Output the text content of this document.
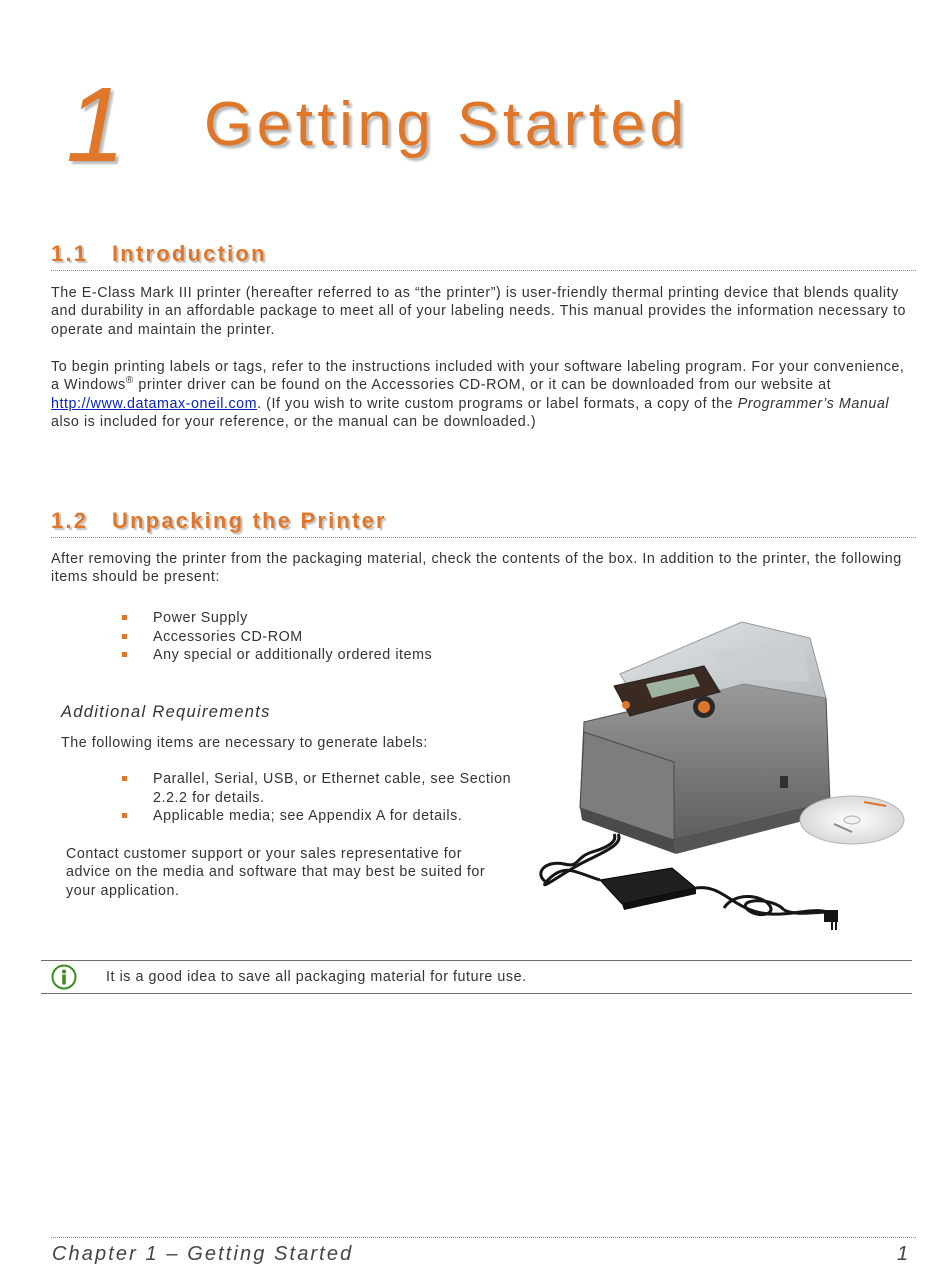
1 Getting Started
1.1 Introduction
The E-Class Mark III printer (hereafter referred to as “the printer”) is user-friendly thermal printing device that blends quality and durability in an affordable package to meet all of your labeling needs. This manual provides the information necessary to operate and maintain the printer.
To begin printing labels or tags, refer to the instructions included with your software labeling program. For your convenience, a Windows® printer driver can be found on the Accessories CD-ROM, or it can be downloaded from our website at http://www.datamax-oneil.com. (If you wish to write custom programs or label formats, a copy of the Programmer’s Manual also is included for your reference, or the manual can be downloaded.)
1.2 Unpacking the Printer
After removing the printer from the packaging material, check the contents of the box. In addition to the printer, the following items should be present:
Power Supply
Accessories CD-ROM
Any special or additionally ordered items
Additional Requirements
The following items are necessary to generate labels:
Parallel, Serial, USB, or Ethernet cable, see Section 2.2.2 for details.
Applicable media; see Appendix A for details.
Contact customer support or your sales representative for advice on the media and software that may best be suited for your application.
It is a good idea to save all packaging material for future use.
Chapter 1 – Getting Started	1
